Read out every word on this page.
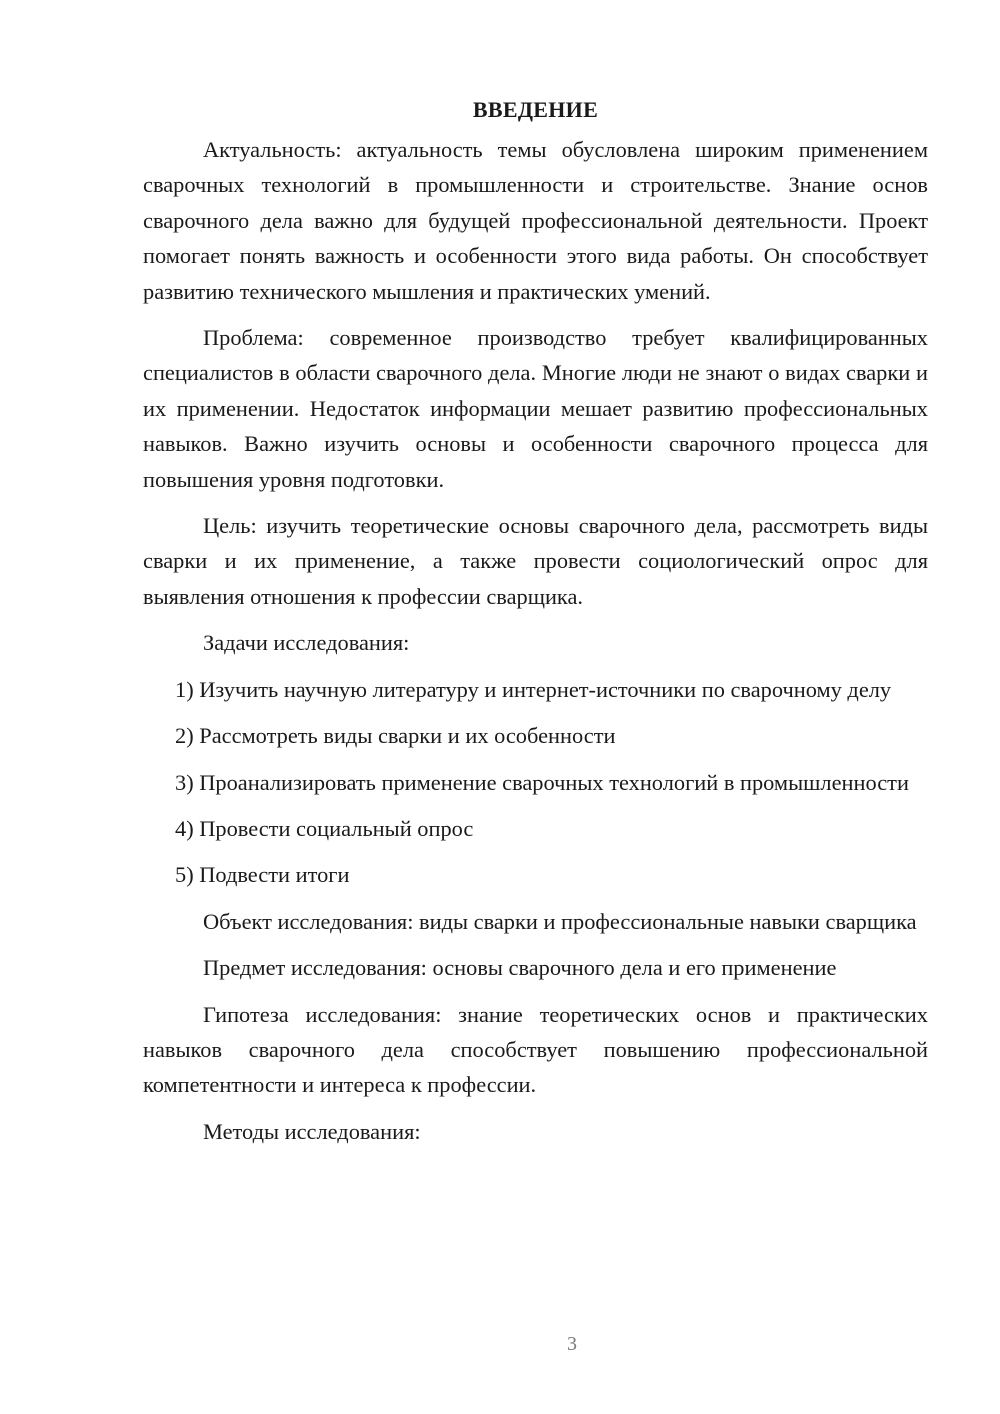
ВВЕДЕНИЕ

Актуальность: актуальность темы обусловлена широким применением сварочных технологий в промышленности и строительстве. Знание основ сварочного дела важно для будущей профессиональной деятельности. Проект помогает понять важность и особенности этого вида работы. Он способствует развитию технического мышления и практических умений.

Проблема: современное производство требует квалифицированных специалистов в области сварочного дела. Многие люди не знают о видах сварки и их применении. Недостаток информации мешает развитию профессиональных навыков. Важно изучить основы и особенности сварочного процесса для повышения уровня подготовки.

Цель: изучить теоретические основы сварочного дела, рассмотреть виды сварки и их применение, а также провести социологический опрос для выявления отношения к профессии сварщика.

Задачи исследования:

1) Изучить научную литературу и интернет-источники по сварочному делу

2) Рассмотреть виды сварки и их особенности

3) Проанализировать применение сварочных технологий в промышленности

4) Провести социальный опрос

5) Подвести итоги

Объект исследования: виды сварки и профессиональные навыки сварщика

Предмет исследования: основы сварочного дела и его применение

Гипотеза исследования: знание теоретических основ и практических навыков сварочного дела способствует повышению профессиональной компетентности и интереса к профессии.

Методы исследования:

3
